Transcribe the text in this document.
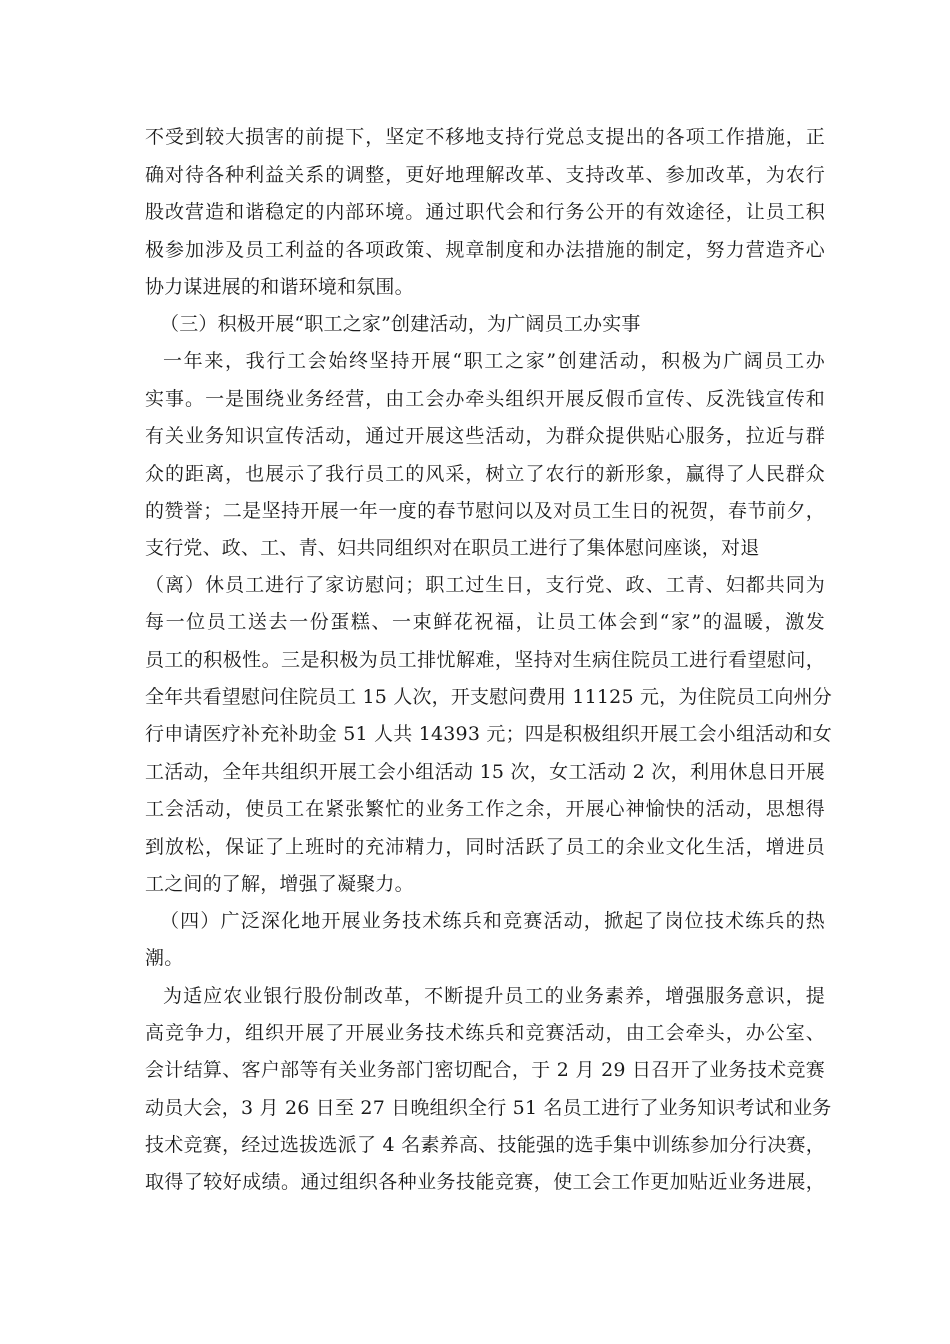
不受到较大损害的前提下，坚定不移地支持行党总支提出的各项工作措施，正
确对待各种利益关系的调整，更好地理解改革、支持改革、参加改革，为农行
股改营造和谐稳定的内部环境。通过职代会和行务公开的有效途径，让员工积
极参加涉及员工利益的各项政策、规章制度和办法措施的制定，努力营造齐心
协力谋进展的和谐环境和氛围。
（三）积极开展“职工之家”创建活动，为广阔员工办实事
一年来，我行工会始终坚持开展“职工之家”创建活动，积极为广阔员工办
实事。一是围绕业务经营，由工会办牵头组织开展反假币宣传、反洗钱宣传和
有关业务知识宣传活动，通过开展这些活动，为群众提供贴心服务，拉近与群
众的距离，也展示了我行员工的风采，树立了农行的新形象，赢得了人民群众
的赞誉；二是坚持开展一年一度的春节慰问以及对员工生日的祝贺，春节前夕，
支行党、政、工、青、妇共同组织对在职员工进行了集体慰问座谈，对退
（离）休员工进行了家访慰问；职工过生日，支行党、政、工青、妇都共同为
每一位员工送去一份蛋糕、一束鲜花祝福，让员工体会到“家”的温暖，激发
员工的积极性。三是积极为员工排忧解难，坚持对生病住院员工进行看望慰问，
全年共看望慰问住院员工 15 人次，开支慰问费用 11125 元，为住院员工向州分
行申请医疗补充补助金 51 人共 14393 元；四是积极组织开展工会小组活动和女
工活动，全年共组织开展工会小组活动 15 次，女工活动 2 次，利用休息日开展
工会活动，使员工在紧张繁忙的业务工作之余，开展心神愉快的活动，思想得
到放松，保证了上班时的充沛精力，同时活跃了员工的余业文化生活，增进员
工之间的了解，增强了凝聚力。
（四）广泛深化地开展业务技术练兵和竞赛活动，掀起了岗位技术练兵的热
潮。
为适应农业银行股份制改革，不断提升员工的业务素养，增强服务意识，提
高竞争力，组织开展了开展业务技术练兵和竞赛活动，由工会牵头，办公室、
会计结算、客户部等有关业务部门密切配合，于 2 月 29 日召开了业务技术竞赛
动员大会，3 月 26 日至 27 日晚组织全行 51 名员工进行了业务知识考试和业务
技术竞赛，经过选拔选派了 4 名素养高、技能强的选手集中训练参加分行决赛，
取得了较好成绩。通过组织各种业务技能竞赛，使工会工作更加贴近业务进展，
